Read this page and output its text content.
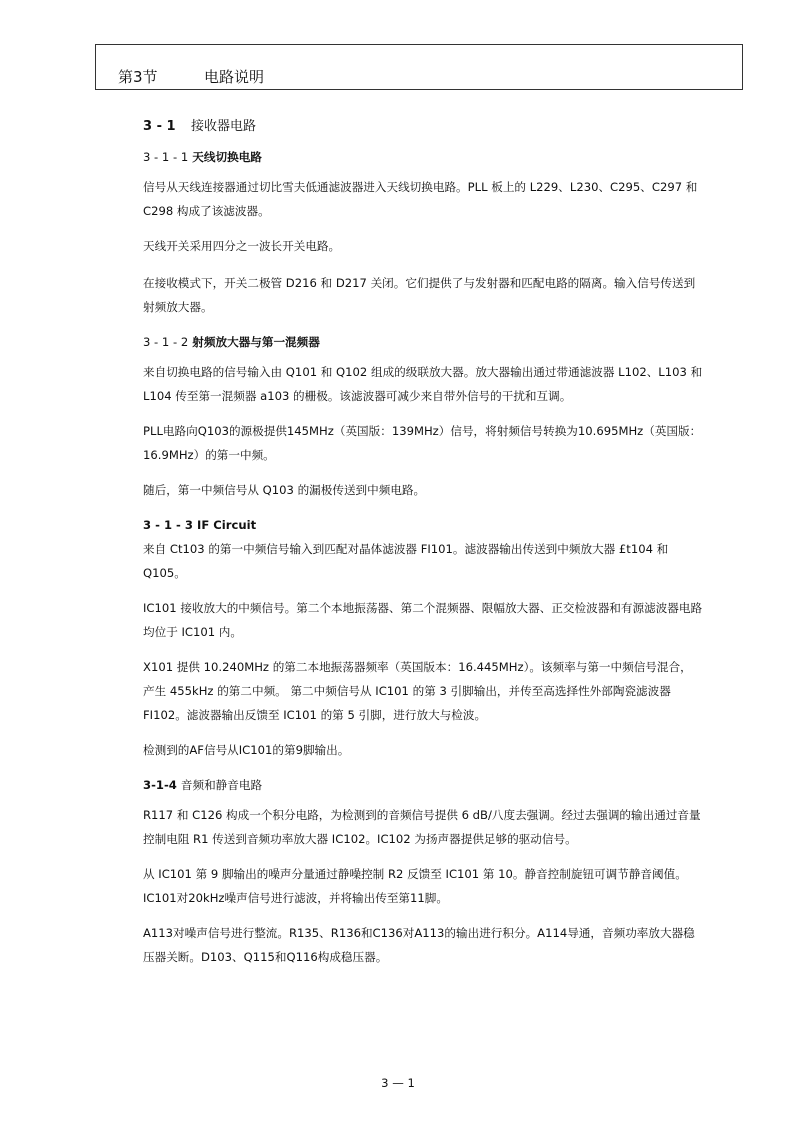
第3节	电路说明
3 - 1	接收器电路
3 - 1 - 1 天线切换电路

信号从天线连接器通过切比雪夫低通滤波器进入天线切换电路。PLL 板上的 L229、L230、C295、C297 和 C298 构成了该滤波器。

天线开关采用四分之一波长开关电路。

在接收模式下，开关二极管 D216 和 D217 关闭。它们提供了与发射器和匹配电路的隔离。输入信号传送到射频放大器。

3 - 1 - 2 射频放大器与第一混频器

来自切换电路的信号输入由 Q101 和 Q102 组成的级联放大器。放大器输出通过带通滤波器 L102、L103 和 L104 传至第一混频器 a103 的栅极。该滤波器可减少来自带外信号的干扰和互调。

PLL电路向Q103的源极提供145MHz（英国版：139MHz）信号，将射频信号转换为10.695MHz（英国版：16.9MHz）的第一中频。

随后，第一中频信号从 Q103 的漏极传送到中频电路。

3 - 1 - 3 IF Circuit

来自 Ct103 的第一中频信号输入到匹配对晶体滤波器 FI101。滤波器输出传送到中频放大器 £t104 和 Q105。

IC101 接收放大的中频信号。第二个本地振荡器、第二个混频器、限幅放大器、正交检波器和有源滤波器电路均位于 IC101 内。

X101 提供 10.240MHz 的第二本地振荡器频率（英国版本：16.445MHz）。该频率与第一中频信号混合，产生 455kHz 的第二中频。 第二中频信号从 IC101 的第 3 引脚输出，并传至高选择性外部陶瓷滤波器FI102。滤波器输出反馈至 IC101 的第 5 引脚，进行放大与检波。

检测到的AF信号从IC101的第9脚输出。

3-1-4 音频和静音电路

R117 和 C126 构成一个积分电路，为检测到的音频信号提供 6 dB/八度去强调。经过去强调的输出通过音量控制电阻 R1 传送到音频功率放大器 IC102。IC102 为扬声器提供足够的驱动信号。

从 IC101 第 9 脚输出的噪声分量通过静噪控制 R2 反馈至 IC101 第 10。静音控制旋钮可调节静音阈值。IC101对20kHz噪声信号进行滤波，并将输出传至第11脚。

A113对噪声信号进行整流。R135、R136和C136对A113的输出进行积分。A114导通，音频功率放大器稳压器关断。D103、Q115和Q116构成稳压器。

3 — 1
